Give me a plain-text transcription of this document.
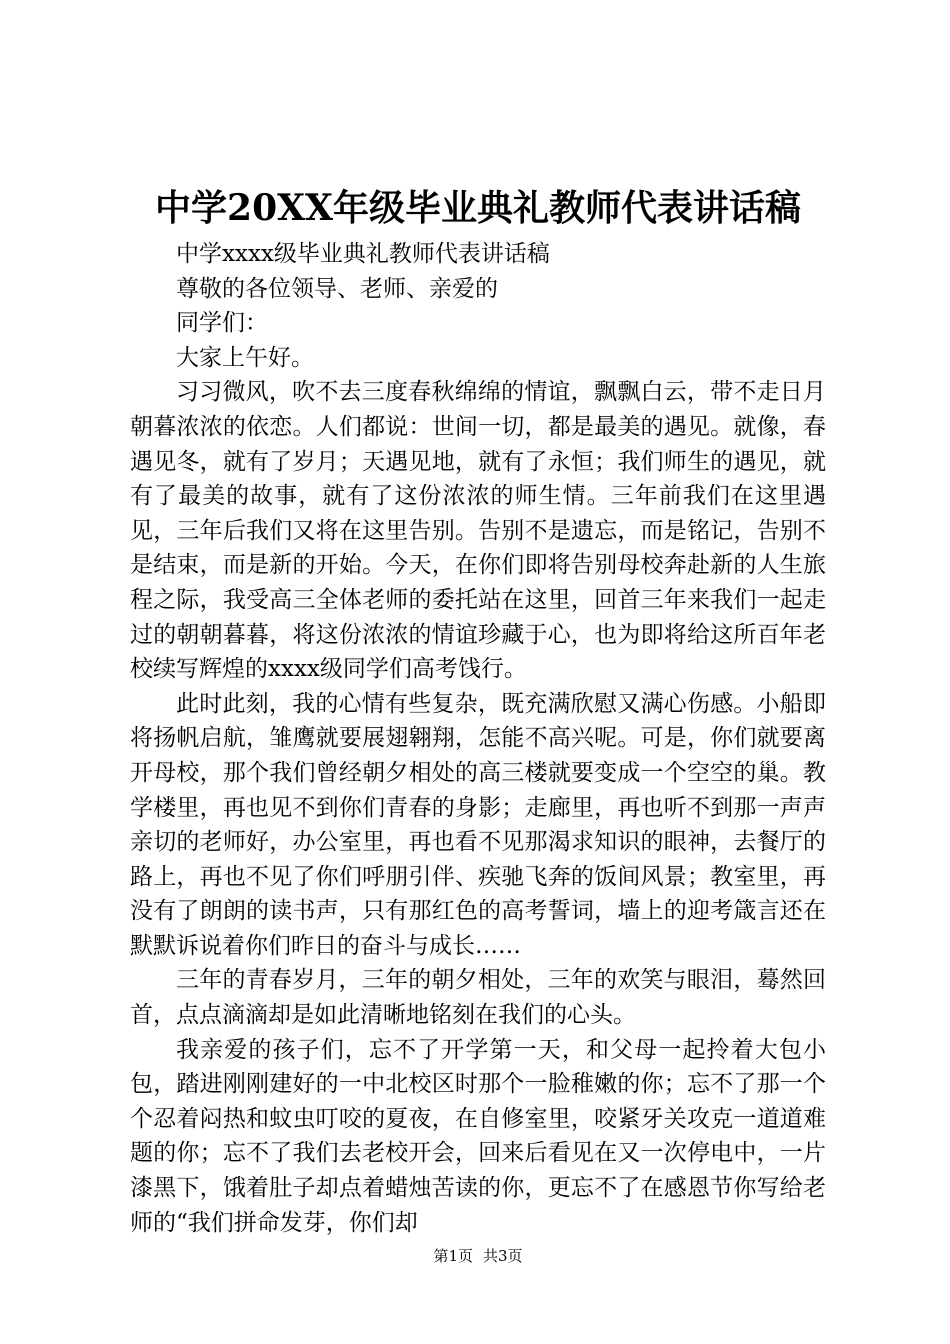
中学20XX年级毕业典礼教师代表讲话稿

中学xxxx级毕业典礼教师代表讲话稿

尊敬的各位领导、老师、亲爱的

同学们：

大家上午好。

习习微风，吹不去三度春秋绵绵的情谊，飘飘白云，带不走日月朝暮浓浓的依恋。人们都说：世间一切，都是最美的遇见。就像，春遇见冬，就有了岁月；天遇见地，就有了永恒；我们师生的遇见，就有了最美的故事，就有了这份浓浓的师生情。三年前我们在这里遇见，三年后我们又将在这里告别。告别不是遗忘，而是铭记，告别不是结束，而是新的开始。今天，在你们即将告别母校奔赴新的人生旅程之际，我受高三全体老师的委托站在这里，回首三年来我们一起走过的朝朝暮暮，将这份浓浓的情谊珍藏于心，也为即将给这所百年老校续写辉煌的xxxx级同学们高考饯行。

此时此刻，我的心情有些复杂，既充满欣慰又满心伤感。小船即将扬帆启航，雏鹰就要展翅翱翔，怎能不高兴呢。可是，你们就要离开母校，那个我们曾经朝夕相处的高三楼就要变成一个空空的巢。教学楼里，再也见不到你们青春的身影；走廊里，再也听不到那一声声亲切的老师好，办公室里，再也看不见那渴求知识的眼神，去餐厅的路上，再也不见了你们呼朋引伴、疾驰飞奔的饭间风景；教室里，再没有了朗朗的读书声，只有那红色的高考誓词，墙上的迎考箴言还在默默诉说着你们昨日的奋斗与成长……

三年的青春岁月，三年的朝夕相处，三年的欢笑与眼泪，蓦然回首，点点滴滴却是如此清晰地铭刻在我们的心头。

我亲爱的孩子们，忘不了开学第一天，和父母一起拎着大包小包，踏进刚刚建好的一中北校区时那个一脸稚嫩的你；忘不了那一个个忍着闷热和蚊虫叮咬的夏夜，在自修室里，咬紧牙关攻克一道道难题的你；忘不了我们去老校开会，回来后看见在又一次停电中，一片漆黑下，饿着肚子却点着蜡烛苦读的你，更忘不了在感恩节你写给老师的“我们拼命发芽，你们却

第1页 共3页
